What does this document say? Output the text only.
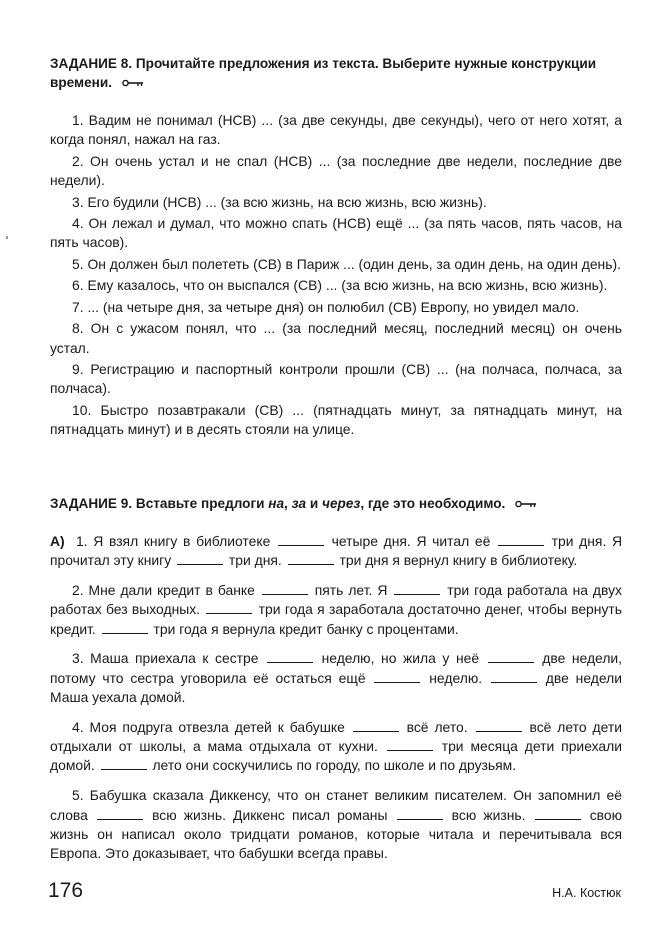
ЗАДАНИЕ 8. Прочитайте предложения из текста. Выберите нужные конструкции времени.

1. Вадим не понимал (НСВ) ... (за две секунды, две секунды), чего от него хотят, а когда понял, нажал на газ.

2. Он очень устал и не спал (НСВ) ... (за последние две недели, последние две недели).

3. Его будили (НСВ) ... (за всю жизнь, на всю жизнь, всю жизнь).

4. Он лежал и думал, что можно спать (НСВ) ещё ... (за пять часов, пять часов, на пять часов).

5. Он должен был полететь (СВ) в Париж ... (один день, за один день, на один день).

6. Ему казалось, что он выспался (СВ) ... (за всю жизнь, на всю жизнь, всю жизнь).

7. ... (на четыре дня, за четыре дня) он полюбил (СВ) Европу, но увидел мало.

8. Он с ужасом понял, что ... (за последний месяц, последний месяц) он очень устал.

9. Регистрацию и паспортный контроли прошли (СВ) ... (на полчаса, полчаса, за полчаса).

10. Быстро позавтракали (СВ) ... (пятнадцать минут, за пятнадцать минут, на пятнадцать минут) и в десять стояли на улице.

ЗАДАНИЕ 9. Вставьте предлоги на, за и через, где это необходимо.

А) 1. Я взял книгу в библиотеке	четыре дня. Я читал её	три дня. Я прочитал эту книгу	три дня.	три дня я вернул книгу в библиотеку.

2. Мне дали кредит в банке	пять лет. Я	три года работала на двух работах без выходных.	три года я заработала достаточно денег, чтобы вернуть кредит.	три года я вернула кредит банку с процентами.

3. Маша приехала к сестре	неделю, но жила у неё	две недели, потому что сестра уговорила её остаться ещё	неделю.	две недели Маша уехала домой.

4. Моя подруга отвезла детей к бабушке	всё лето.	всё лето дети отдыхали от школы, а мама отдыхала от кухни.	три месяца дети приехали домой.	лето они соскучились по городу, по школе и по друзьям.

5. Бабушка сказала Диккенсу, что он станет великим писателем. Он запомнил её слова	всю жизнь. Диккенс писал романы	всю жизнь.	свою жизнь он написал около тридцати романов, которые читала и перечитывала вся Европа. Это доказывает, что бабушки всегда правы.

176	Н.А. Костюк
